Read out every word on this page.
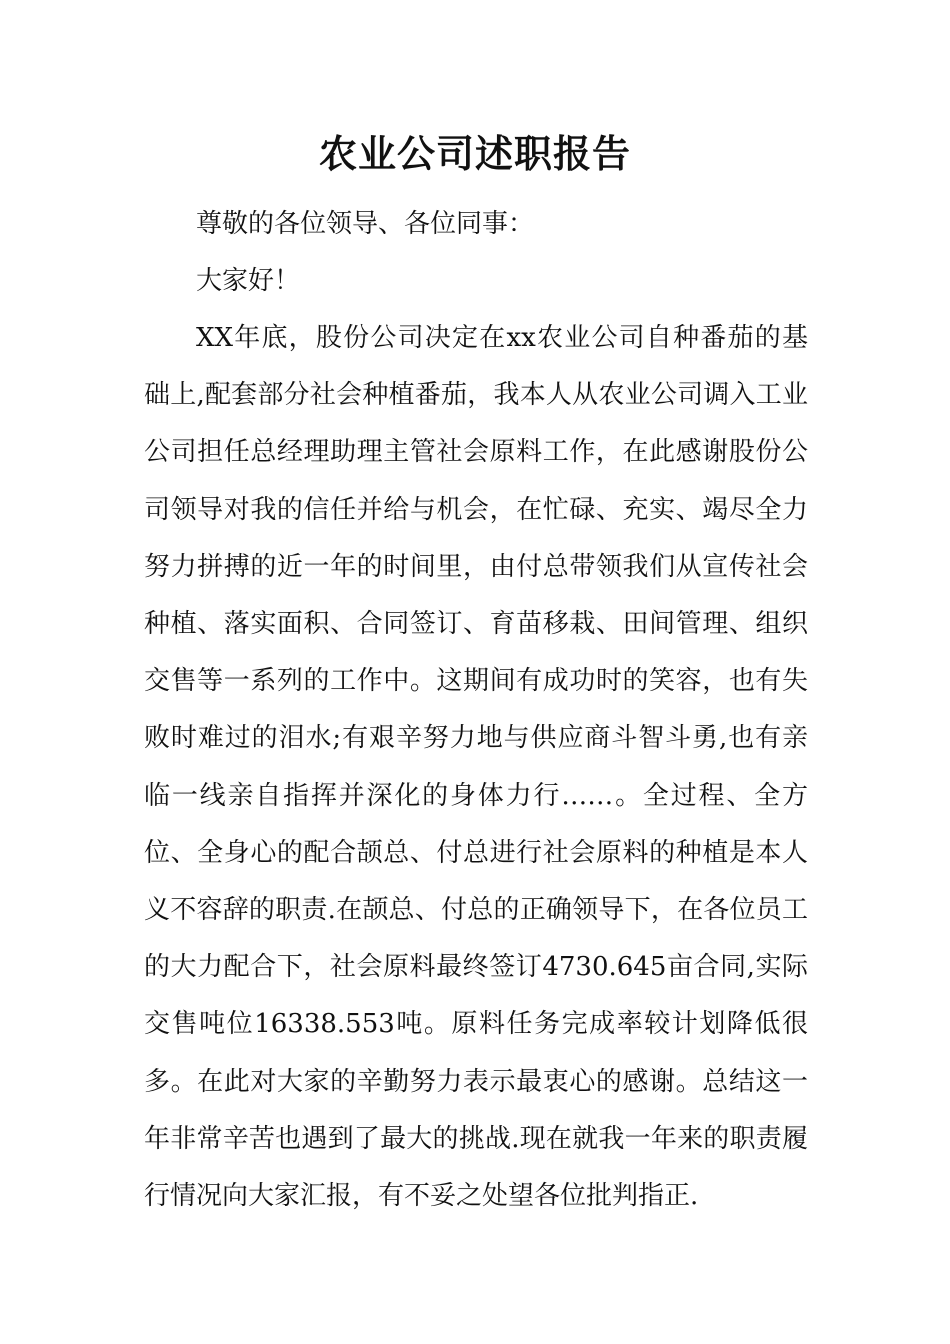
农业公司述职报告

尊敬的各位领导、各位同事：

大家好！

XX年底，股份公司决定在xx农业公司自种番茄的基础上,配套部分社会种植番茄，我本人从农业公司调入工业公司担任总经理助理主管社会原料工作，在此感谢股份公司领导对我的信任并给与机会，在忙碌、充实、竭尽全力努力拼搏的近一年的时间里，由付总带领我们从宣传社会种植、落实面积、合同签订、育苗移栽、田间管理、组织交售等一系列的工作中。这期间有成功时的笑容，也有失败时难过的泪水;有艰辛努力地与供应商斗智斗勇,也有亲临一线亲自指挥并深化的身体力行……。全过程、全方位、全身心的配合颉总、付总进行社会原料的种植是本人义不容辞的职责.在颉总、付总的正确领导下，在各位员工的大力配合下，社会原料最终签订4730.645亩合同,实际交售吨位16338.553吨。原料任务完成率较计划降低很多。在此对大家的辛勤努力表示最衷心的感谢。总结这一年非常辛苦也遇到了最大的挑战.现在就我一年来的职责履行情况向大家汇报，有不妥之处望各位批判指正.
